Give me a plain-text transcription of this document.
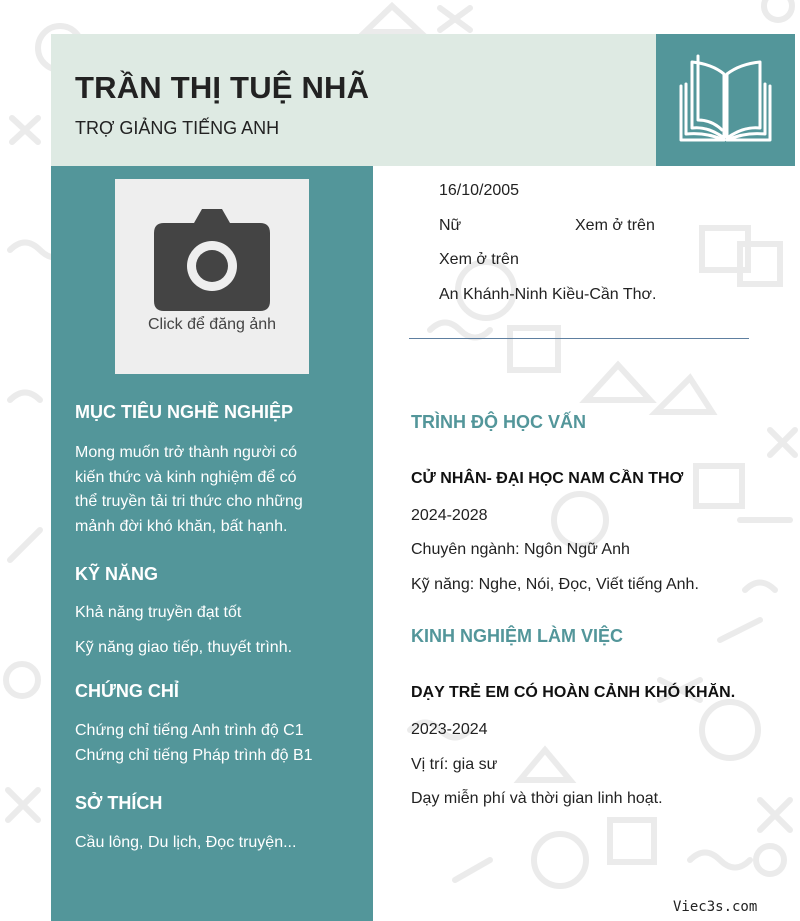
TRẦN THỊ TUỆ NHÃ
TRỢ GIẢNG TIẾNG ANH
Click để đăng ảnh
MỤC TIÊU NGHỀ NGHIỆP
Mong muốn trở thành người có
kiến thức và kinh nghiệm để có
thể truyền tải tri thức cho những
mảnh đời khó khăn, bất hạnh.
KỸ NĂNG
Khả năng truyền đạt tốt
Kỹ năng giao tiếp, thuyết trình.
CHỨNG CHỈ
Chứng chỉ tiếng Anh trình độ C1
Chứng chỉ tiếng Pháp trình độ B1
SỞ THÍCH
Cầu lông, Du lịch, Đọc truyện...
16/10/2005
Nữ	Xem ở trên
Xem ở trên
An Khánh-Ninh Kiều-Cần Thơ.
TRÌNH ĐỘ HỌC VẤN
CỬ NHÂN- ĐẠI HỌC NAM CẦN THƠ
2024-2028
Chuyên ngành: Ngôn Ngữ Anh
Kỹ năng: Nghe, Nói, Đọc, Viết tiếng Anh.
KINH NGHIỆM LÀM VIỆC
DẠY TRẺ EM CÓ HOÀN CẢNH KHÓ KHĂN.
2023-2024
Vị trí: gia sư
Dạy miễn phí và thời gian linh hoạt.
Viec3s.com
